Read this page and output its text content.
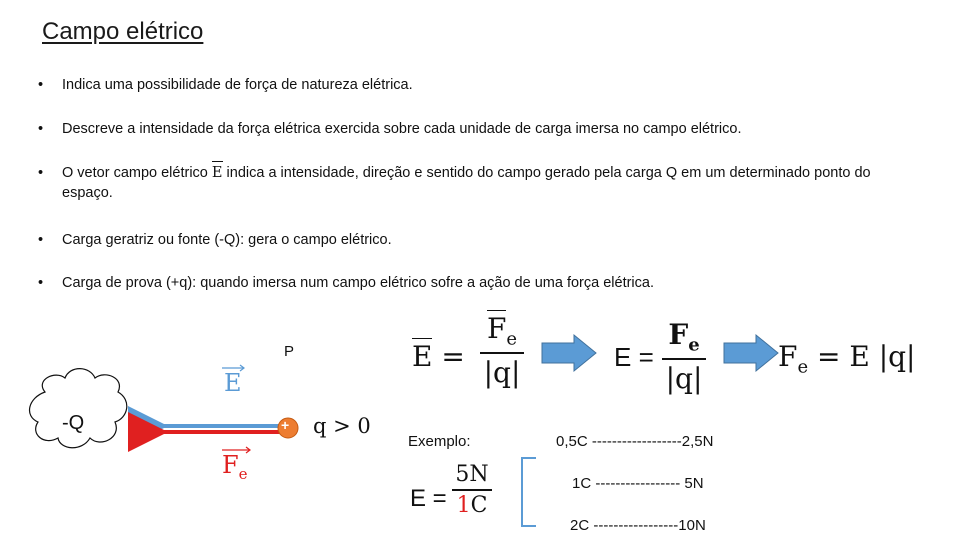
Campo elétrico
• Indica uma possibilidade de força de natureza elétrica.
• Descreve a intensidade da força elétrica exercida sobre cada unidade de carga imersa no campo elétrico.
• O vetor campo elétrico E indica a intensidade, direção e sentido do campo gerado pela carga Q em um determinado ponto do espaço.
• Carga geratriz ou fonte (-Q): gera o campo elétrico.
• Carga de prova (+q): quando imersa num campo elétrico sofre a ação de uma força elétrica.
-Q
P
+
E
$F_e$
q > 0
E =
$F_e$
|q|	E =
$F_e$
|q|
$F_e = E$ |q|
Exemplo:
E =
5N
1C
0,5C ------------------2,5N
1C ----------------- 5N
2C -----------------10N
